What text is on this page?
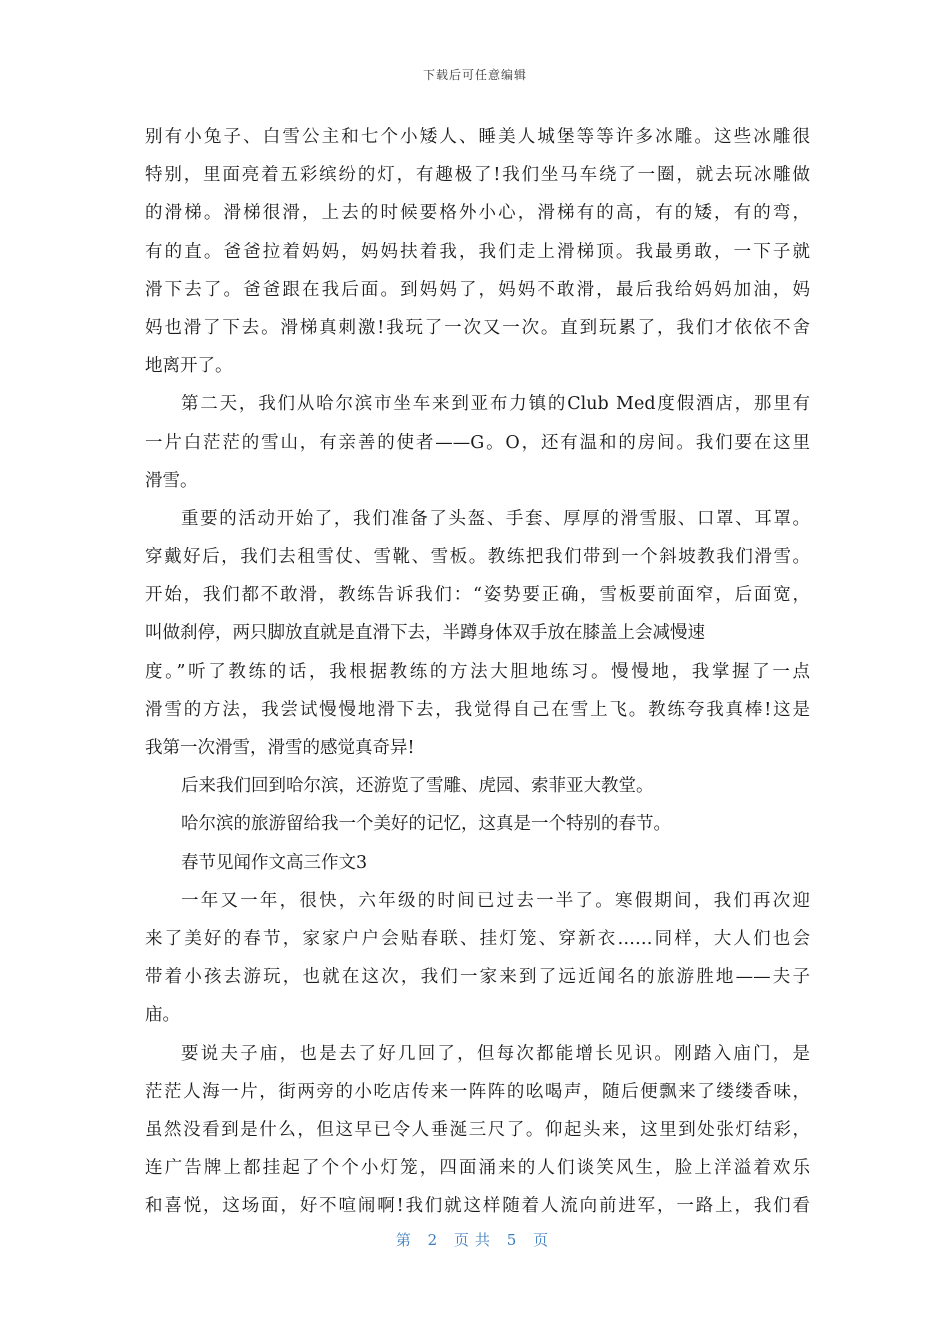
下载后可任意编辑
别有小兔子、白雪公主和七个小矮人、睡美人城堡等等许多冰雕。这些冰雕很
特别，里面亮着五彩缤纷的灯，有趣极了!我们坐马车绕了一圈，就去玩冰雕做
的滑梯。滑梯很滑，上去的时候要格外小心，滑梯有的高，有的矮，有的弯，
有的直。爸爸拉着妈妈，妈妈扶着我，我们走上滑梯顶。我最勇敢，一下子就
滑下去了。爸爸跟在我后面。到妈妈了，妈妈不敢滑，最后我给妈妈加油，妈
妈也滑了下去。滑梯真刺激!我玩了一次又一次。直到玩累了，我们才依依不舍
地离开了。
第二天，我们从哈尔滨市坐车来到亚布力镇的Club Med度假酒店，那里有
一片白茫茫的雪山，有亲善的使者——G。O，还有温和的房间。我们要在这里
滑雪。
重要的活动开始了，我们准备了头盔、手套、厚厚的滑雪服、口罩、耳罩。
穿戴好后，我们去租雪仗、雪靴、雪板。教练把我们带到一个斜坡教我们滑雪。
开始，我们都不敢滑，教练告诉我们：“姿势要正确，雪板要前面窄，后面宽，
叫做刹停，两只脚放直就是直滑下去，半蹲身体双手放在膝盖上会减慢速
度。”听了教练的话，我根据教练的方法大胆地练习。慢慢地，我掌握了一点
滑雪的方法，我尝试慢慢地滑下去，我觉得自己在雪上飞。教练夸我真棒!这是
我第一次滑雪，滑雪的感觉真奇异!
后来我们回到哈尔滨，还游览了雪雕、虎园、索菲亚大教堂。
哈尔滨的旅游留给我一个美好的记忆，这真是一个特别的春节。
春节见闻作文高三作文3
一年又一年，很快，六年级的时间已过去一半了。寒假期间，我们再次迎
来了美好的春节，家家户户会贴春联、挂灯笼、穿新衣……同样，大人们也会
带着小孩去游玩，也就在这次，我们一家来到了远近闻名的旅游胜地——夫子
庙。
要说夫子庙，也是去了好几回了，但每次都能增长见识。刚踏入庙门，是
茫茫人海一片，街两旁的小吃店传来一阵阵的吆喝声，随后便飘来了缕缕香味，
虽然没看到是什么，但这早已令人垂涎三尺了。仰起头来，这里到处张灯结彩，
连广告牌上都挂起了个个小灯笼，四面涌来的人们谈笑风生，脸上洋溢着欢乐
和喜悦，这场面，好不喧闹啊!我们就这样随着人流向前进军，一路上，我们看
第 2 页共 5 页
